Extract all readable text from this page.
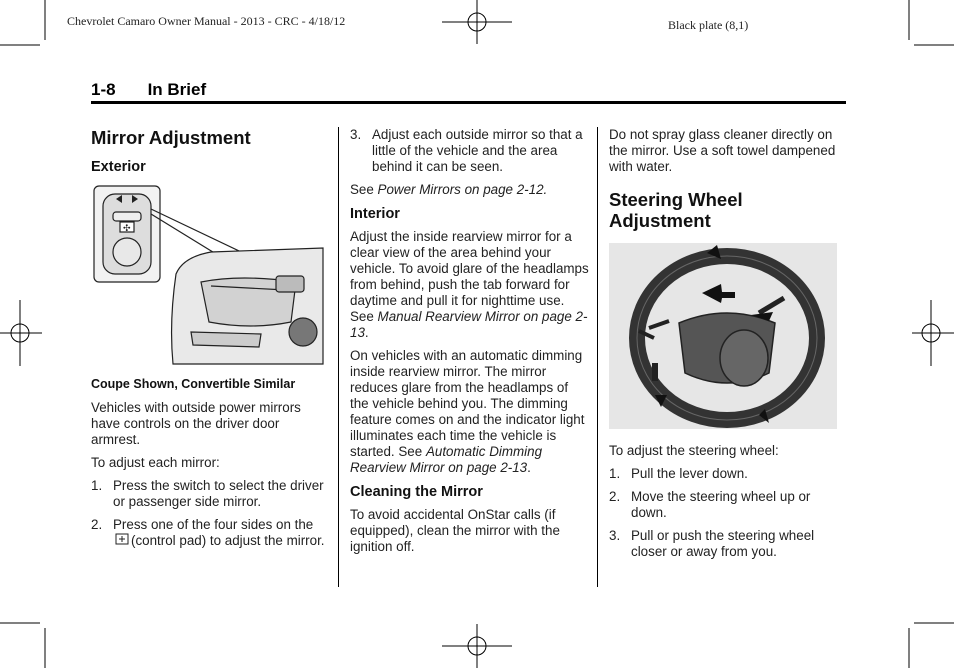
Chevrolet Camaro Owner Manual - 2013 - CRC - 4/18/12	Black plate (8,1)
1-8 In Brief
Mirror Adjustment
Exterior
✣
Coupe Shown, Convertible Similar

Vehicles with outside power mirrors have controls on the driver door armrest.

To adjust each mirror:

1. Press the switch to select the driver or passenger side mirror.
2. Press one of the four sides on the (control pad) to adjust the mirror.
3. Adjust each outside mirror so that a little of the vehicle and the area behind it can be seen.

See Power Mirrors on page 2-12.

Interior

Adjust the inside rearview mirror for a clear view of the area behind your vehicle. To avoid glare of the headlamps from behind, push the tab forward for daytime and pull it for nighttime use. See Manual Rearview Mirror on page 2-13.

On vehicles with an automatic dimming inside rearview mirror. The mirror reduces glare from the headlamps of the vehicle behind you. The dimming feature comes on and the indicator light illuminates each time the vehicle is started. See Automatic Dimming Rearview Mirror on page 2-13.

Cleaning the Mirror

To avoid accidental OnStar calls (if equipped), clean the mirror with the ignition off.

Do not spray glass cleaner directly on the mirror. Use a soft towel dampened with water.

Steering Wheel Adjustment

To adjust the steering wheel:

1. Pull the lever down.
2. Move the steering wheel up or down.
3. Pull or push the steering wheel closer or away from you.
